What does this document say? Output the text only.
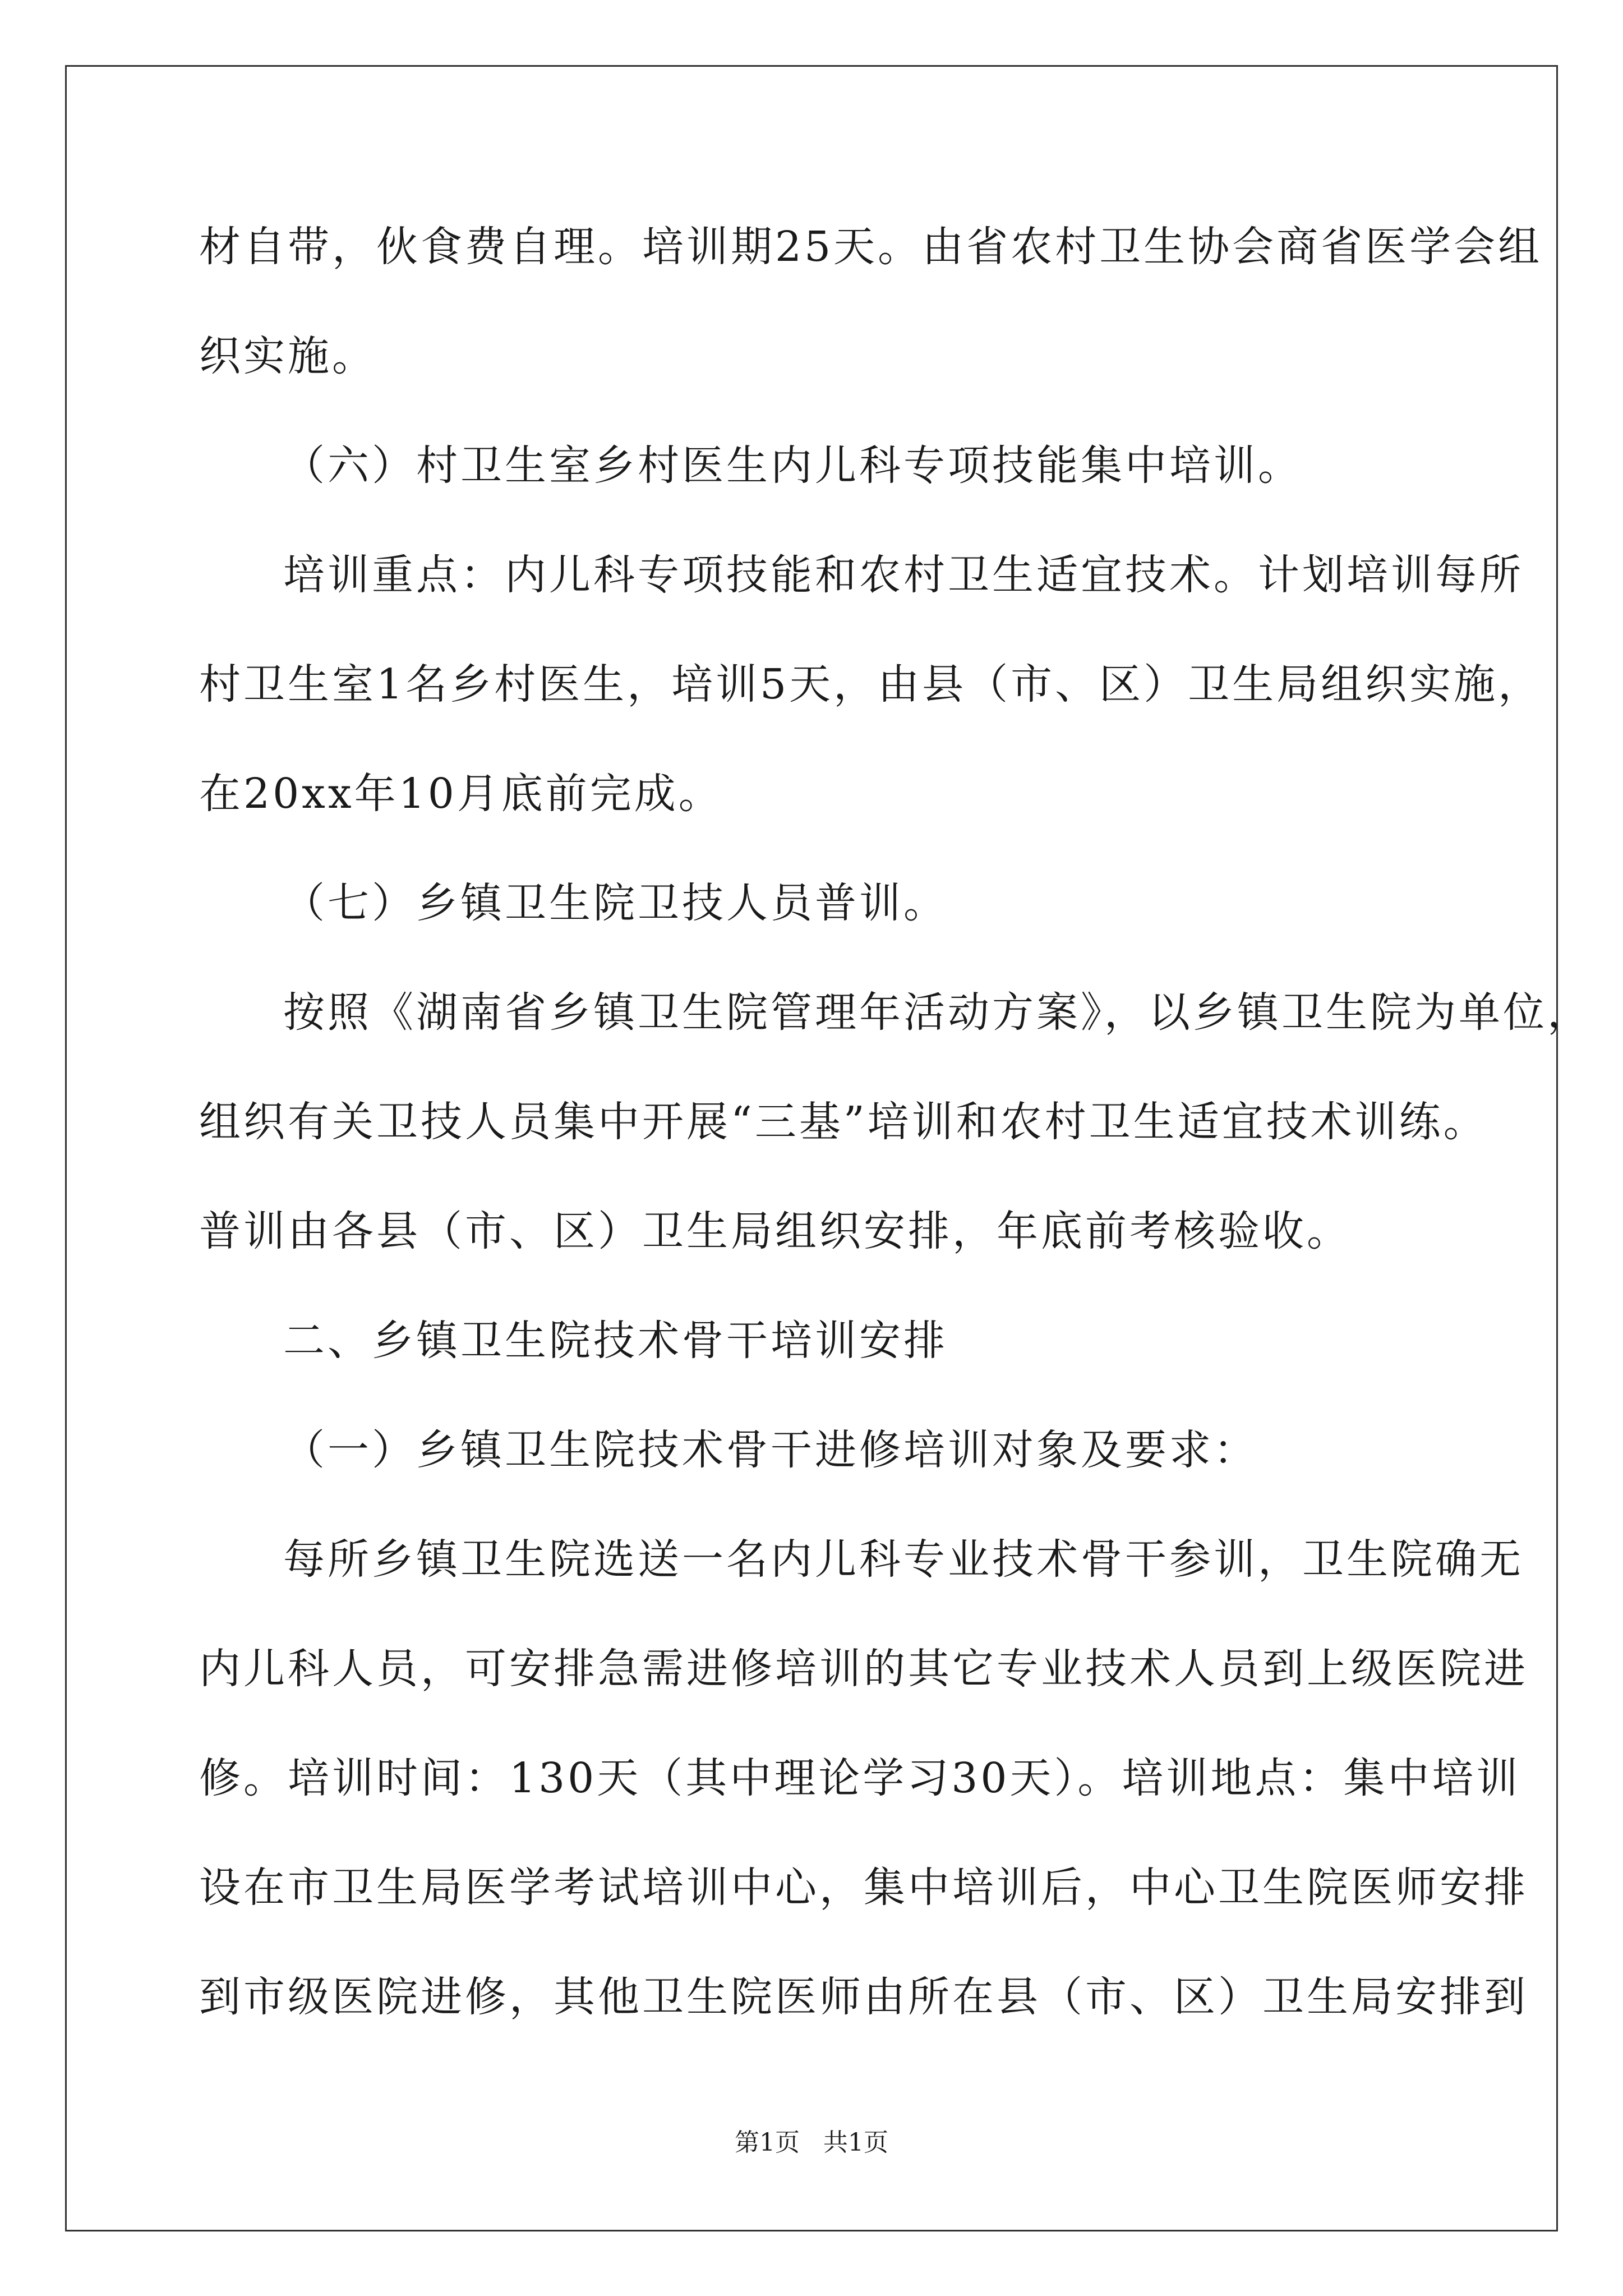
材自带，伙食费自理。培训期25天。由省农村卫生协会商省医学会组
织实施。
（六）村卫生室乡村医生内儿科专项技能集中培训。
培训重点：内儿科专项技能和农村卫生适宜技术。计划培训每所
村卫生室1名乡村医生，培训5天，由县（市、区）卫生局组织实施，
在20xx年10月底前完成。
（七）乡镇卫生院卫技人员普训。
按照《湖南省乡镇卫生院管理年活动方案》，以乡镇卫生院为单位，
组织有关卫技人员集中开展“三基”培训和农村卫生适宜技术训练。
普训由各县（市、区）卫生局组织安排，年底前考核验收。
二、乡镇卫生院技术骨干培训安排
（一）乡镇卫生院技术骨干进修培训对象及要求：
每所乡镇卫生院选送一名内儿科专业技术骨干参训，卫生院确无
内儿科人员，可安排急需进修培训的其它专业技术人员到上级医院进
修。培训时间：130天（其中理论学习30天）。培训地点：集中培训
设在市卫生局医学考试培训中心，集中培训后，中心卫生院医师安排
到市级医院进修，其他卫生院医师由所在县（市、区）卫生局安排到
第1页   共1页
